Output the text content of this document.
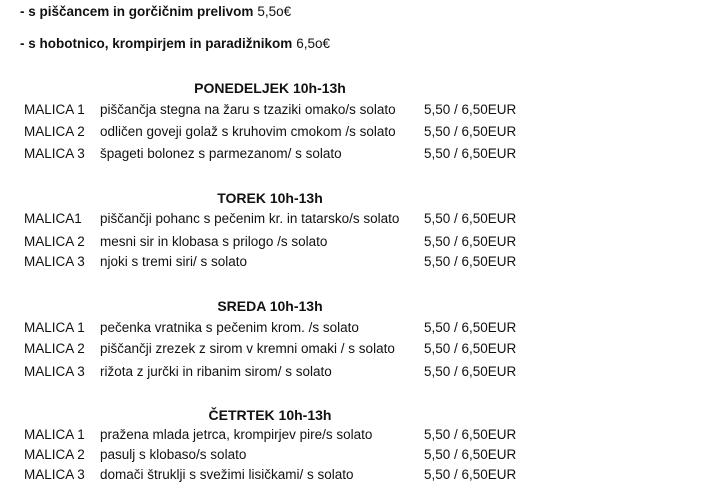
- s piščancem in gorčičnim prelivom 5,5o€
- s hobotnico, krompirjem in paradižnikom 6,5o€
PONEDELJEK 10h-13h
MALICA 1 piščančja stegna na žaru s tzaziki omako/s solato 5,50 / 6,50EUR
MALICA 2 odličen goveji golaž s kruhovim cmokom /s solato 5,50 / 6,50EUR
MALICA 3 špageti bolonez s parmezanom/ s solato	5,50 / 6,50EUR
TOREK 10h-13h
MALICA1 piščančji pohanc s pečenim kr. in tatarsko/s solato 5,50 / 6,50EUR
MALICA 2 mesni sir in klobasa s prilogo /s solato	5,50 / 6,50EUR
MALICA 3 njoki s tremi siri/ s solato	5,50 / 6,50EUR
SREDA 10h-13h
MALICA 1 pečenka vratnika s pečenim krom. /s solato	5,50 / 6,50EUR
MALICA 2 piščančji zrezek z sirom v kremni omaki / s solato 5,50 / 6,50EUR
MALICA 3 rižota z jurčki in ribanim sirom/ s solato	5,50 / 6,50EUR
ČETRTEK 10h-13h
MALICA 1 pražena mlada jetrca, krompirjev pire/s solato	5,50 / 6,50EUR
MALICA 2 pasulj s klobaso/s solato	5,50 / 6,50EUR
MALICA 3 domači štruklji s svežimi lisičkami/ s solato	5,50 / 6,50EUR
